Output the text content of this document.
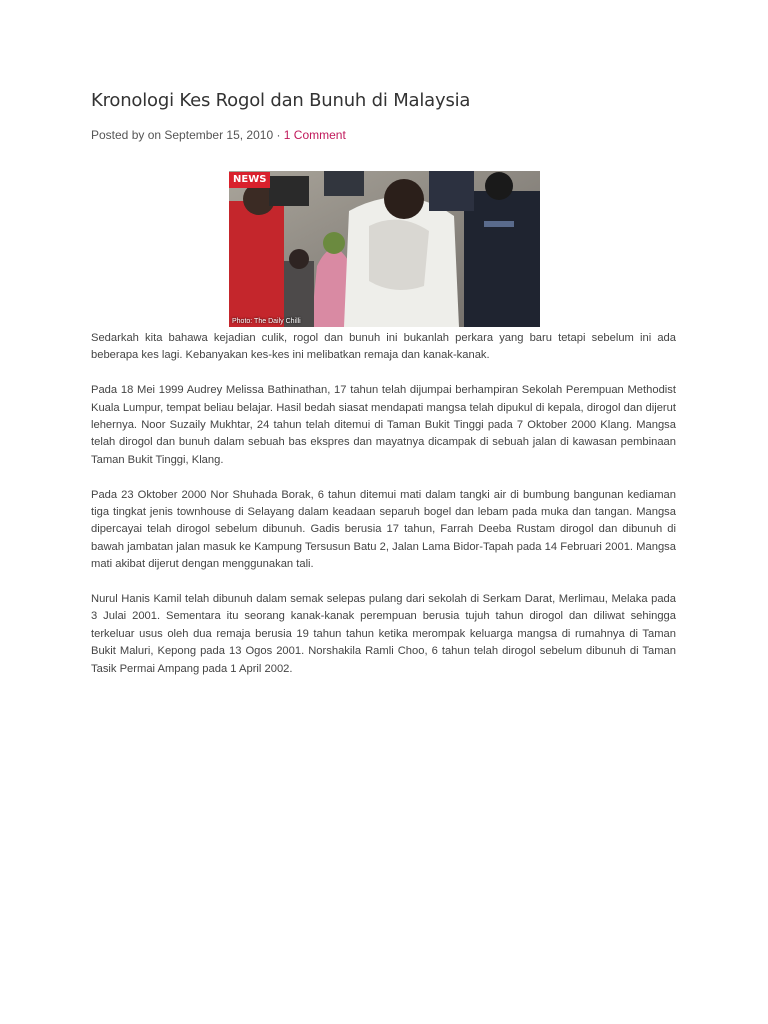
Kronologi Kes Rogol dan Bunuh di Malaysia
Posted by on September 15, 2010 · 1 Comment
NEWS
Photo: The Daily Chilli

Sedarkah kita bahawa kejadian culik, rogol dan bunuh ini bukanlah perkara yang baru tetapi sebelum ini ada beberapa kes lagi. Kebanyakan kes-kes ini melibatkan remaja dan kanak-kanak.

Pada 18 Mei 1999 Audrey Melissa Bathinathan, 17 tahun telah dijumpai berhampiran Sekolah Perempuan Methodist Kuala Lumpur, tempat beliau belajar. Hasil bedah siasat mendapati mangsa telah dipukul di kepala, dirogol dan dijerut lehernya. Noor Suzaily Mukhtar, 24 tahun telah ditemui di Taman Bukit Tinggi pada 7 Oktober 2000 Klang. Mangsa telah dirogol dan bunuh dalam sebuah bas ekspres dan mayatnya dicampak di sebuah jalan di kawasan pembinaan Taman Bukit Tinggi, Klang.

Pada 23 Oktober 2000 Nor Shuhada Borak, 6 tahun ditemui mati dalam tangki air di bumbung bangunan kediaman tiga tingkat jenis townhouse di Selayang dalam keadaan separuh bogel dan lebam pada muka dan tangan. Mangsa dipercayai telah dirogol sebelum dibunuh. Gadis berusia 17 tahun, Farrah Deeba Rustam dirogol dan dibunuh di bawah jambatan jalan masuk ke Kampung Tersusun Batu 2, Jalan Lama Bidor-Tapah pada 14 Februari 2001. Mangsa mati akibat dijerut dengan menggunakan tali.

Nurul Hanis Kamil telah dibunuh dalam semak selepas pulang dari sekolah di Serkam Darat, Merlimau, Melaka pada 3 Julai 2001. Sementara itu seorang kanak-kanak perempuan berusia tujuh tahun dirogol dan diliwat sehingga terkeluar usus oleh dua remaja berusia 19 tahun tahun ketika merompak keluarga mangsa di rumahnya di Taman Bukit Maluri, Kepong pada 13 Ogos 2001. Norshakila Ramli Choo, 6 tahun telah dirogol sebelum dibunuh di Taman Tasik Permai Ampang pada 1 April 2002.
